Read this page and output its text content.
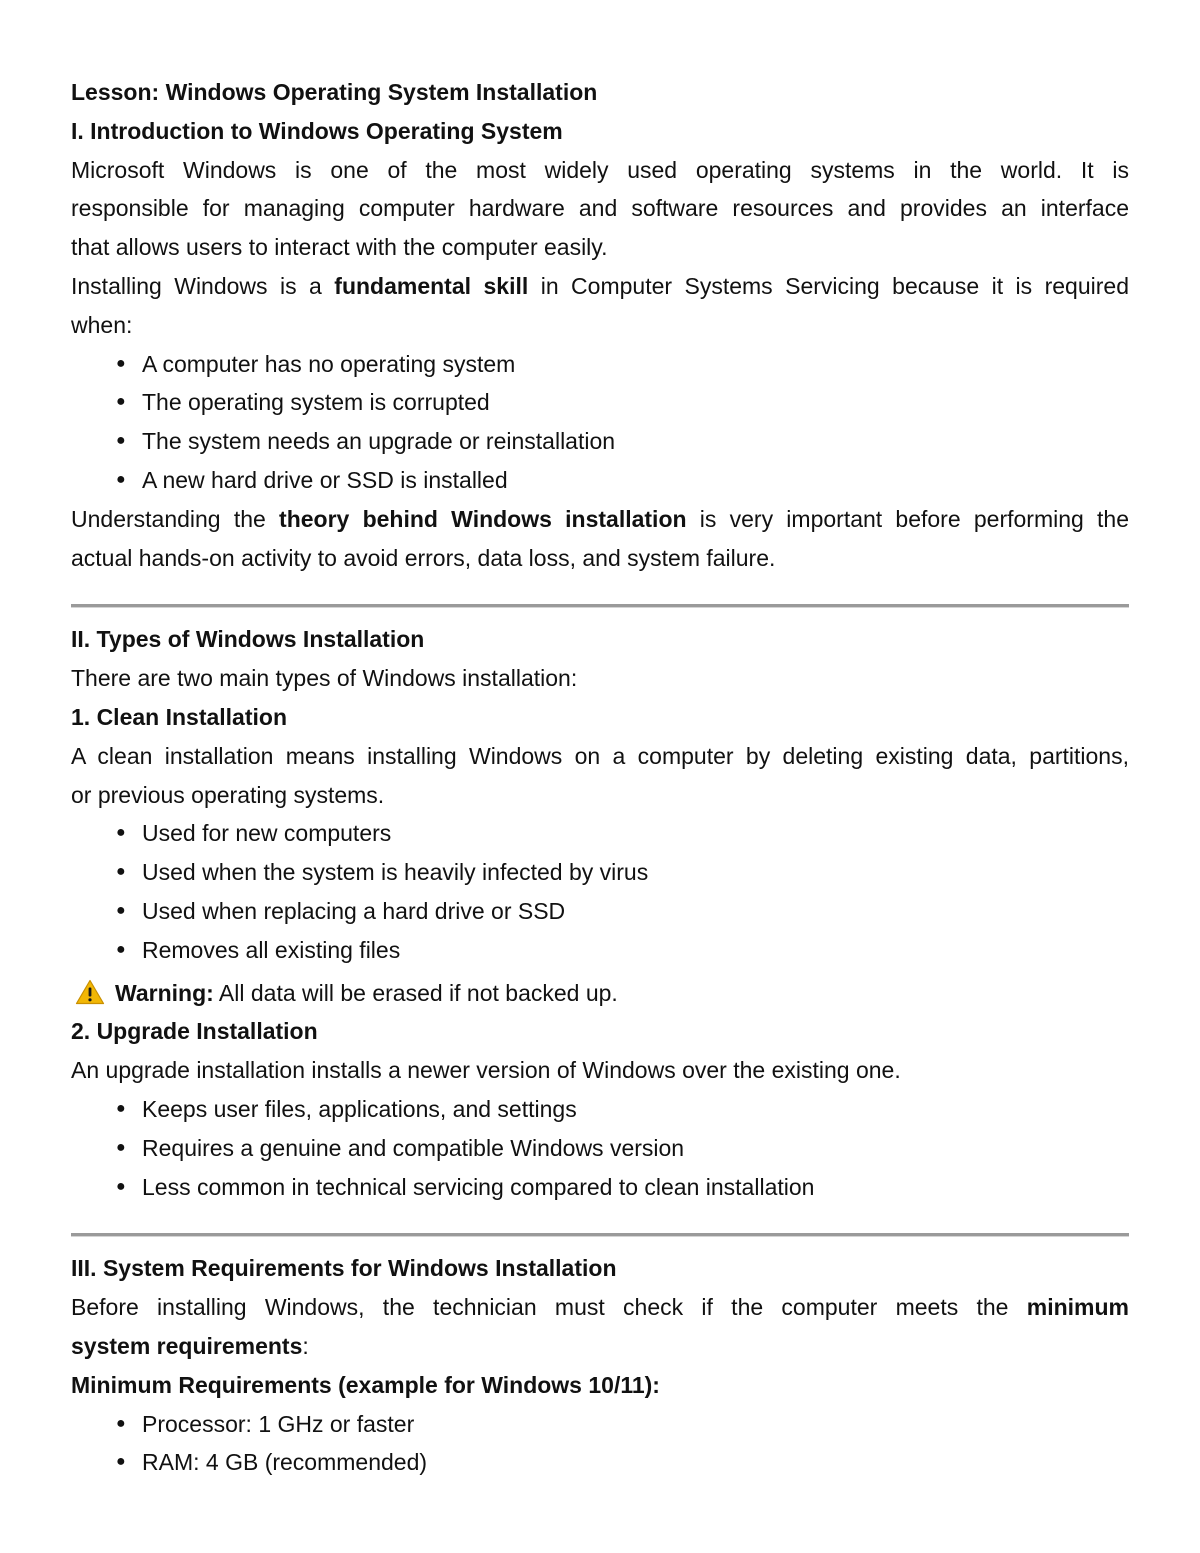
Lesson: Windows Operating System Installation
I. Introduction to Windows Operating System
Microsoft Windows is one of the most widely used operating systems in the world. It is
responsible for managing computer hardware and software resources and provides an interface
that allows users to interact with the computer easily.
Installing Windows is a fundamental skill in Computer Systems Servicing because it is required
when:
● A computer has no operating system
● The operating system is corrupted
● The system needs an upgrade or reinstallation
● A new hard drive or SSD is installed
Understanding the theory behind Windows installation is very important before performing the
actual hands-on activity to avoid errors, data loss, and system failure.
II. Types of Windows Installation
There are two main types of Windows installation:
1. Clean Installation
A clean installation means installing Windows on a computer by deleting existing data, partitions,
or previous operating systems.
● Used for new computers
● Used when the system is heavily infected by virus
● Used when replacing a hard drive or SSD
● Removes all existing files
Warning: All data will be erased if not backed up.
2. Upgrade Installation
An upgrade installation installs a newer version of Windows over the existing one.
● Keeps user files, applications, and settings
● Requires a genuine and compatible Windows version
● Less common in technical servicing compared to clean installation
III. System Requirements for Windows Installation
Before installing Windows, the technician must check if the computer meets the minimum
system requirements:
Minimum Requirements (example for Windows 10/11):
● Processor: 1 GHz or faster
● RAM: 4 GB (recommended)
